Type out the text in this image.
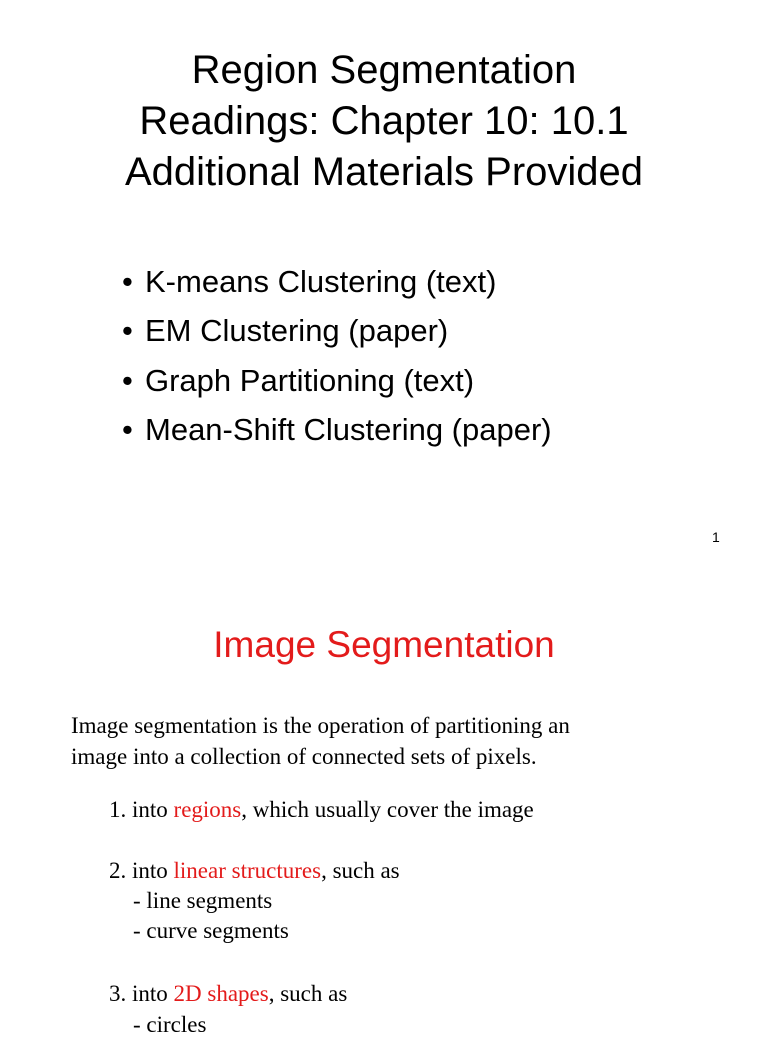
Region Segmentation
Readings: Chapter 10: 10.1
Additional Materials Provided
• K-means Clustering (text)
• EM Clustering (paper)
• Graph Partitioning (text)
• Mean-Shift Clustering (paper)
1
Image Segmentation
Image segmentation is the operation of partitioning an
image into a collection of connected sets of pixels.
1. into regions, which usually cover the image
2. into linear structures, such as
- line segments
- curve segments
3. into 2D shapes, such as
- circles
